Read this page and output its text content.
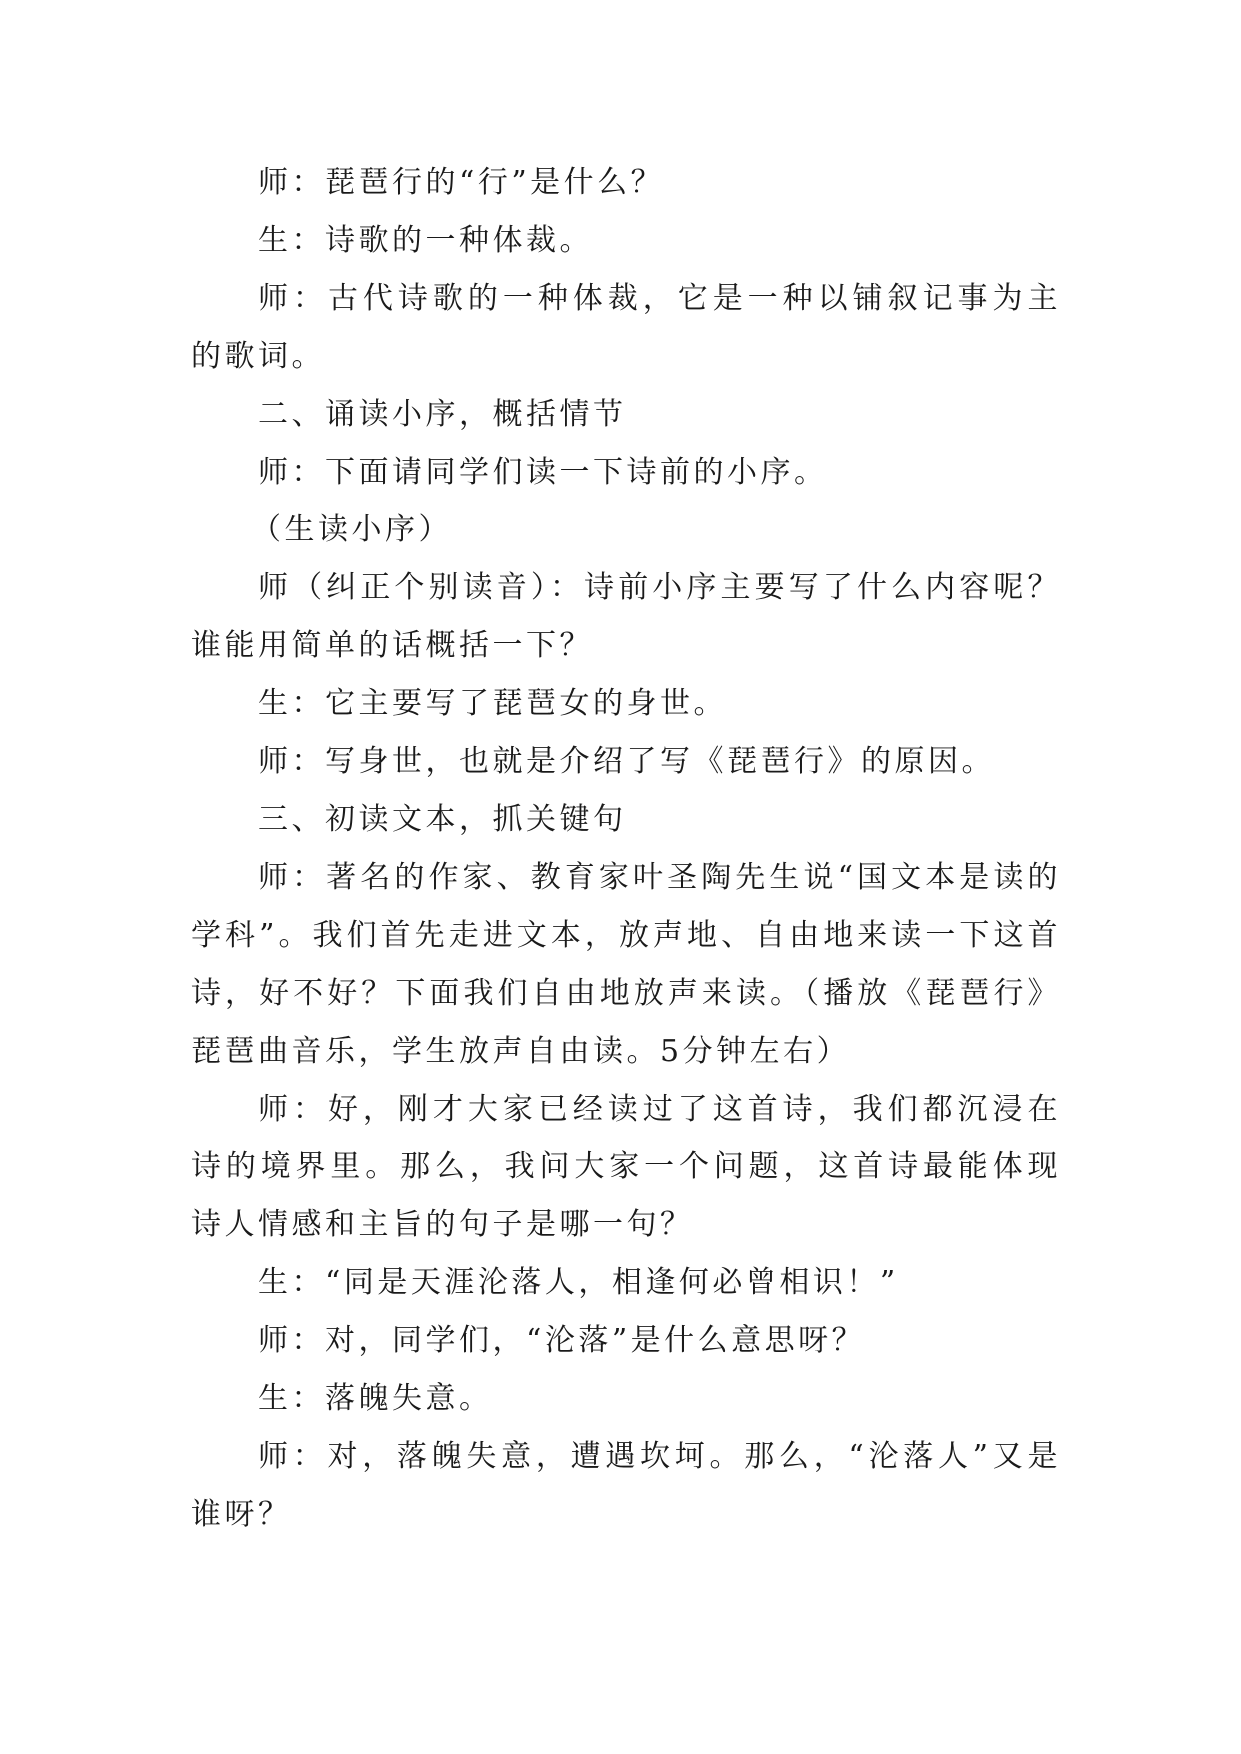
师：琵琶行的“行”是什么？

生：诗歌的一种体裁。

师：古代诗歌的一种体裁，它是一种以铺叙记事为主的歌词。

二、诵读小序，概括情节

师：下面请同学们读一下诗前的小序。

（生读小序）

师（纠正个别读音）：诗前小序主要写了什么内容呢？谁能用简单的话概括一下？

生：它主要写了琵琶女的身世。

师：写身世，也就是介绍了写《琵琶行》的原因。

三、初读文本，抓关键句

师：著名的作家、教育家叶圣陶先生说“国文本是读的学科”。我们首先走进文本，放声地、自由地来读一下这首诗，好不好？下面我们自由地放声来读。（播放《琵琶行》琵琶曲音乐，学生放声自由读。5分钟左右）

师：好，刚才大家已经读过了这首诗，我们都沉浸在诗的境界里。那么，我问大家一个问题，这首诗最能体现诗人情感和主旨的句子是哪一句？

生：“同是天涯沦落人，相逢何必曾相识！”

师：对，同学们，“沦落”是什么意思呀？

生：落魄失意。

师：对，落魄失意，遭遇坎坷。那么，“沦落人”又是谁呀？
